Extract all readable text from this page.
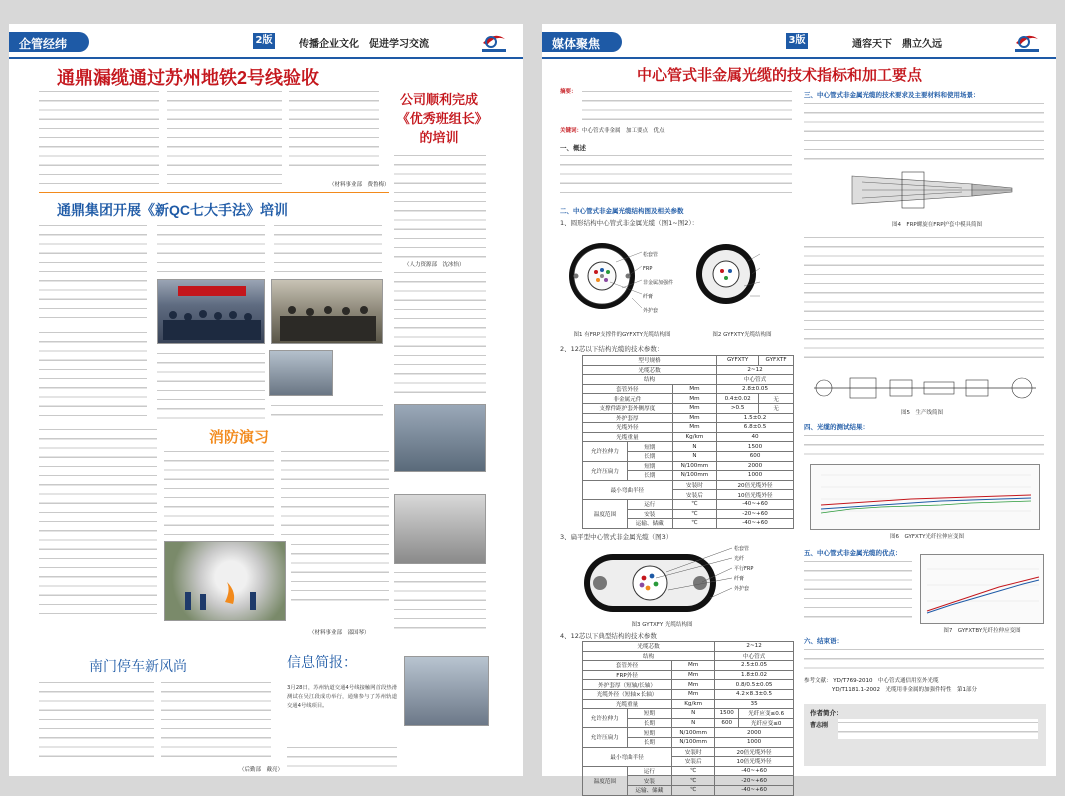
企管经纬	2版	传播企业文化　促进学习交流
通鼎漏缆通过苏州地铁2号线验收
（材料事业部　费鲁梅）
公司顺利完成《优秀班组长》的培训
（人力资源部　沈冰怡）
通鼎集团开展《新QC七大手法》培训
消防演习
（材料事业部　邵国琴）
南门停车新风尚
（后勤部　戴亮）
信息简报：
3月28日，苏州轨道交通4号线接触网首段热滑测试在吴江段成功举行，通鼎参与了苏州轨道交通4号线项目。
媒体聚焦	3版	通容天下　鼎立久远
中心管式非金属光缆的技术指标和加工要点
摘要：
关键词：中心管式非金属　加工要点　优点
一、概述
二、中心管式非金属光缆结构图及相关参数
1、圆形结构中心管式非金属光缆（图1~图2）：
松套管
FRP
非金属加强件
纤膏
外护套
图1 有FRP支撑件的GYFXTY光缆结构图	图2 GYFXTY光缆结构图
2、12芯以下结构光缆的技术参数：
型号规格			GYFXTY	GYFXTF
光缆芯数			2~12	
结构			中心管式	
套管外径		Mm	2.8±0.05	
非金属元件		Mm	0.4±0.02	无
支撑件距护套外侧厚度		Mm	>0.5	无
外护套厚		Mm	1.5±0.2	
光缆外径		Mm	6.8±0.5	
光缆重量		Kg/km	40	
允许拉伸力	短期	N	1500	
	长期	N	600	
允许压扁力	短期	N/100mm	2000	
	长期	N/100mm	1000	
最小弯曲半径		安装时	20倍光缆外径	
		安装后	10倍光缆外径	
温度范围	运行	℃	-40~+60	
	安装	℃	-20~+60	
	运输、储藏	℃	-40~+60	
3、扁平型中心管式非金属光缆（图3）
松套管
光纤
平行FRP
纤膏
外护套
图3 GYTXFY 光缆结构图
4、12芯以下典型结构的技术参数
光缆芯数			2~12	
结构			中心管式	
套管外径		Mm	2.5±0.05	
FRP外径		Mm	1.8±0.02	
外护套厚（短轴/长轴）		Mm	0.8/0.5±0.05	
光缆外径（短轴×长轴）		Mm	4.2×8.3±0.5	
光缆重量		Kg/km	35	
允许拉伸力	短期	N	1500	光纤应变≤0.6
	长期	N	600	光纤应变≤0
允许压扁力	短期	N/100mm	2000	
	长期	N/100mm	1000	
最小弯曲半径		安装时	20倍光缆外径	
		安装后	10倍光缆外径	
温度范围	运行	℃	-40~+60	
	安装	℃	-20~+60	
	运输、储藏	℃	-40~+60	
三、中心管式非金属光缆的技术要求及主要材料和使用场景：
图4　FRP螺旋在FRP护套中模具简图
图5　生产线简图
四、光缆的测试结果：
图6　GYFXTY光纤拉伸应变图
五、中心管式非金属光缆的优点：
图7　GYFXTBY光纤拉伸应变图
六、结束语：
参考文献： YD/T769-2010　中心管式通信用室外光缆
YD/T1181.1-2002　光缆用非金属的加强件特性　第1部分
作者简介：
曹志刚
